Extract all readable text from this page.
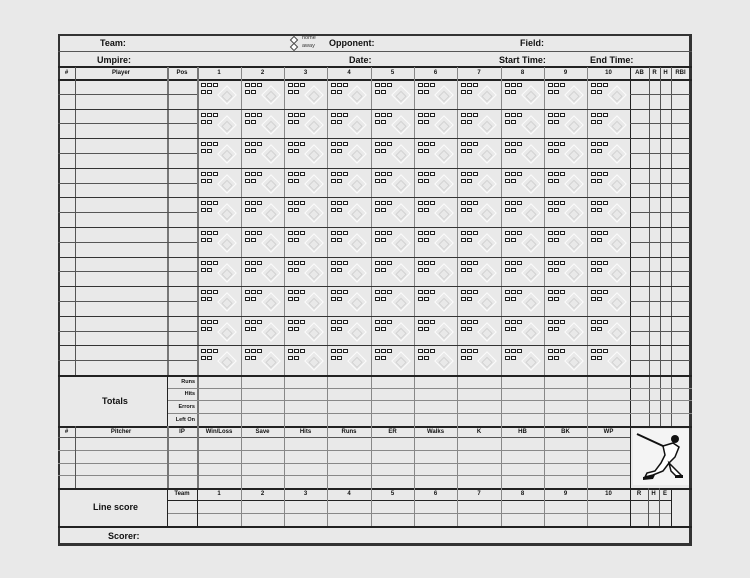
Team:	home
away Opponent:	Field:
Umpire:	Date:	Start Time:	End Time:
#	Player	Pos	1	2	3	4	5	6	7	8	9	10	AB	R	H	RBI
Totals
Runs
Hits
Errors
Left On
#	Pitcher	IP	Win/Loss	Save	Hits	Runs	ER	Walks	K	HB	BK	WP
Line score
Team	1	2	3	4	5	6	7	8	9	10	R	H	E
Scorer:
